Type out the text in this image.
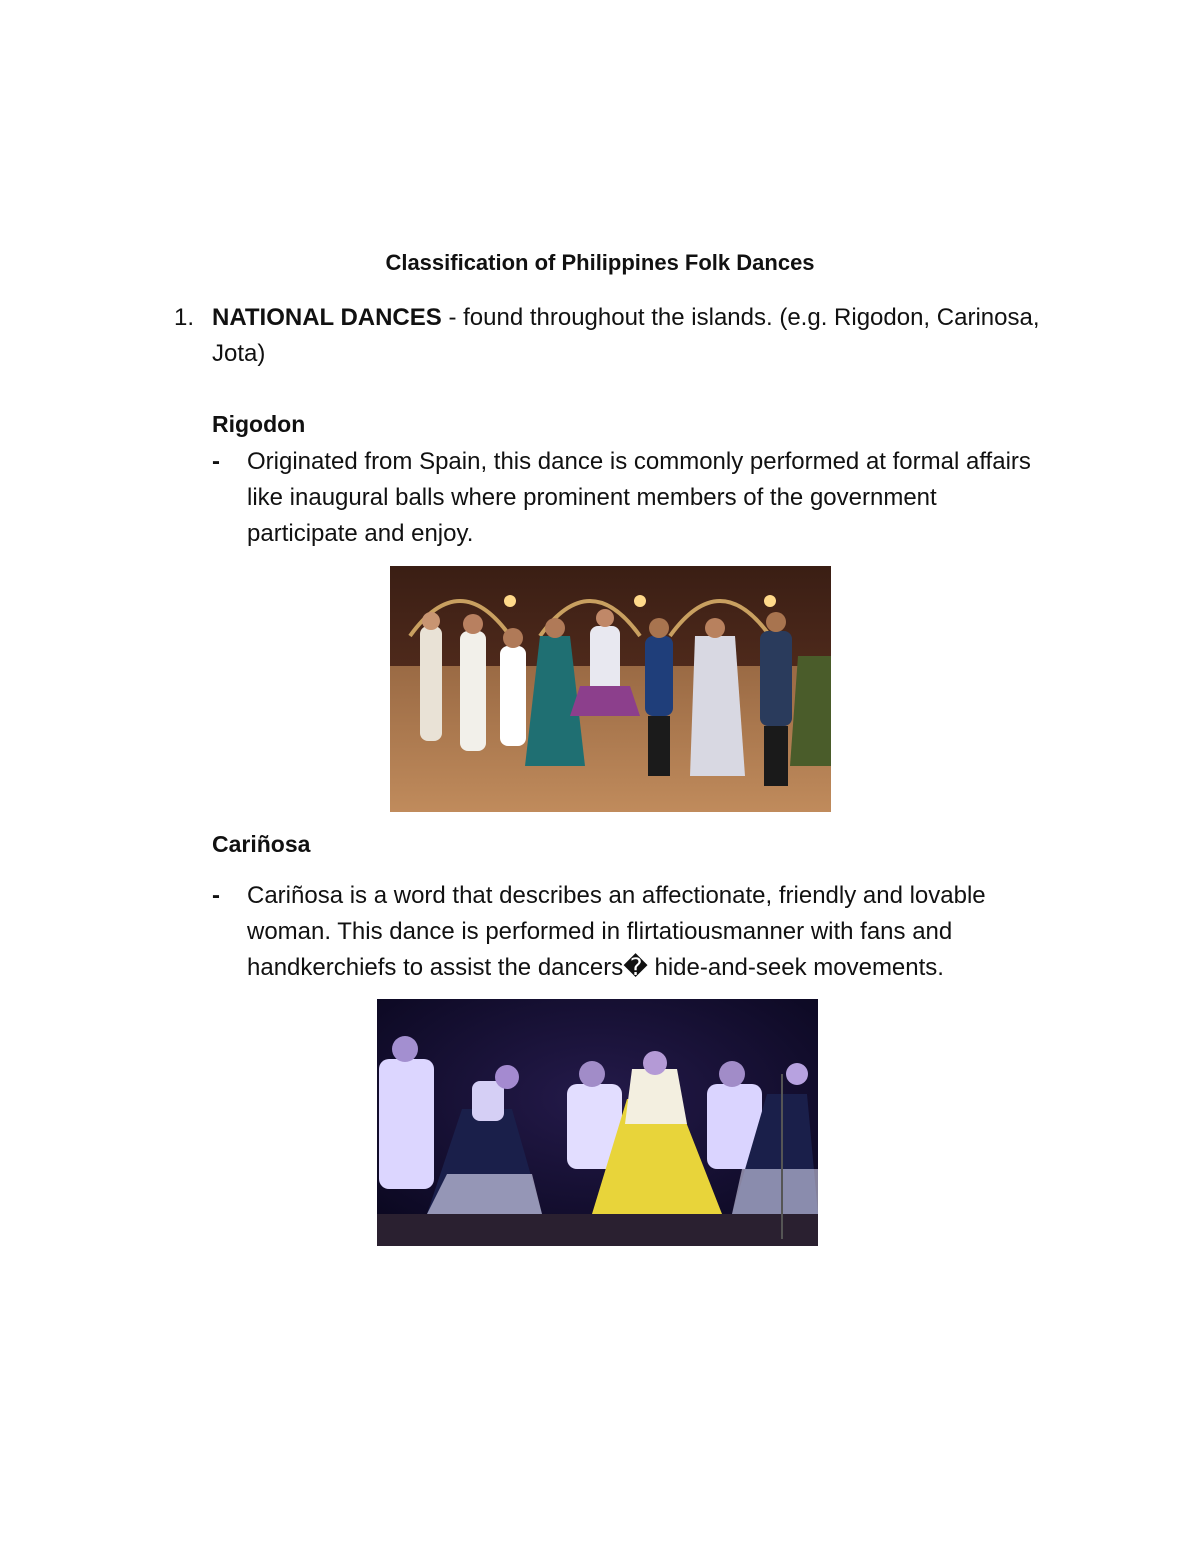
Classification of Philippines Folk Dances
1. NATIONAL DANCES - found throughout the islands. (e.g. Rigodon, Carinosa, Jota)
Rigodon
- Originated from Spain, this dance is commonly performed at formal affairs like inaugural balls where prominent members of the government participate and enjoy.
Cariñosa
- Cariñosa is a word that describes an affectionate, friendly and lovable woman. This dance is performed in flirtatiousmanner with fans and handkerchiefs to assist the dancers� hide-and-seek movements.
